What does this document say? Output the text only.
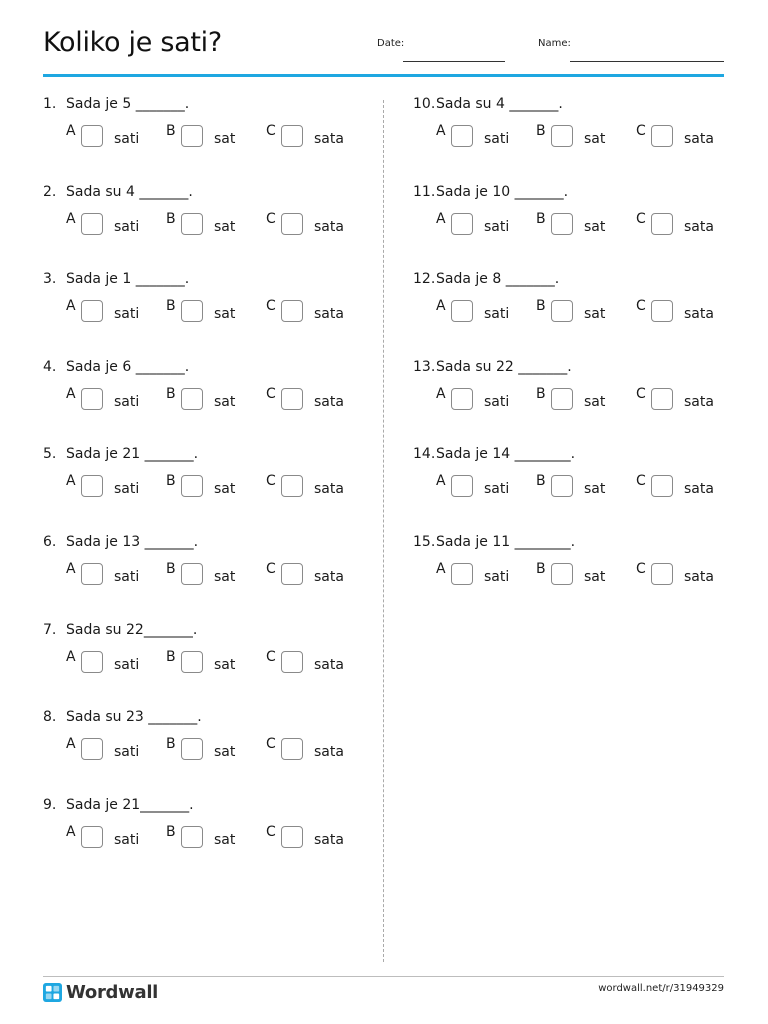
Koliko je sati?	Date:	Name:
1. Sada je 5 _______.
A	sati B	sat C	sata
2. Sada su 4 _______.
A	sati B	sat C	sata
3. Sada je 1 _______.
A	sati B	sat C	sata
4. Sada je 6 _______.
A	sati B	sat C	sata
5. Sada je 21 _______.
A	sati B	sat C	sata
6. Sada je 13 _______.
A	sati B	sat C	sata
7. Sada su 22_______.
A	sati B	sat C	sata
8. Sada su 23 _______.
A	sati B	sat C	sata
9. Sada je 21_______.
A	sati B	sat C	sata
10.Sada su 4 _______.
A	sati B	sat C	sata
11.Sada je 10 _______.
A	sati B	sat C	sata
12.Sada je 8 _______.
A	sati B	sat C	sata
13.Sada su 22 _______.
A	sati B	sat C	sata
14.Sada je 14 ________.
A	sati B	sat C	sata
15.Sada je 11 ________.
A	sati B	sat C	sata
Wordwall	wordwall.net/r/31949329
